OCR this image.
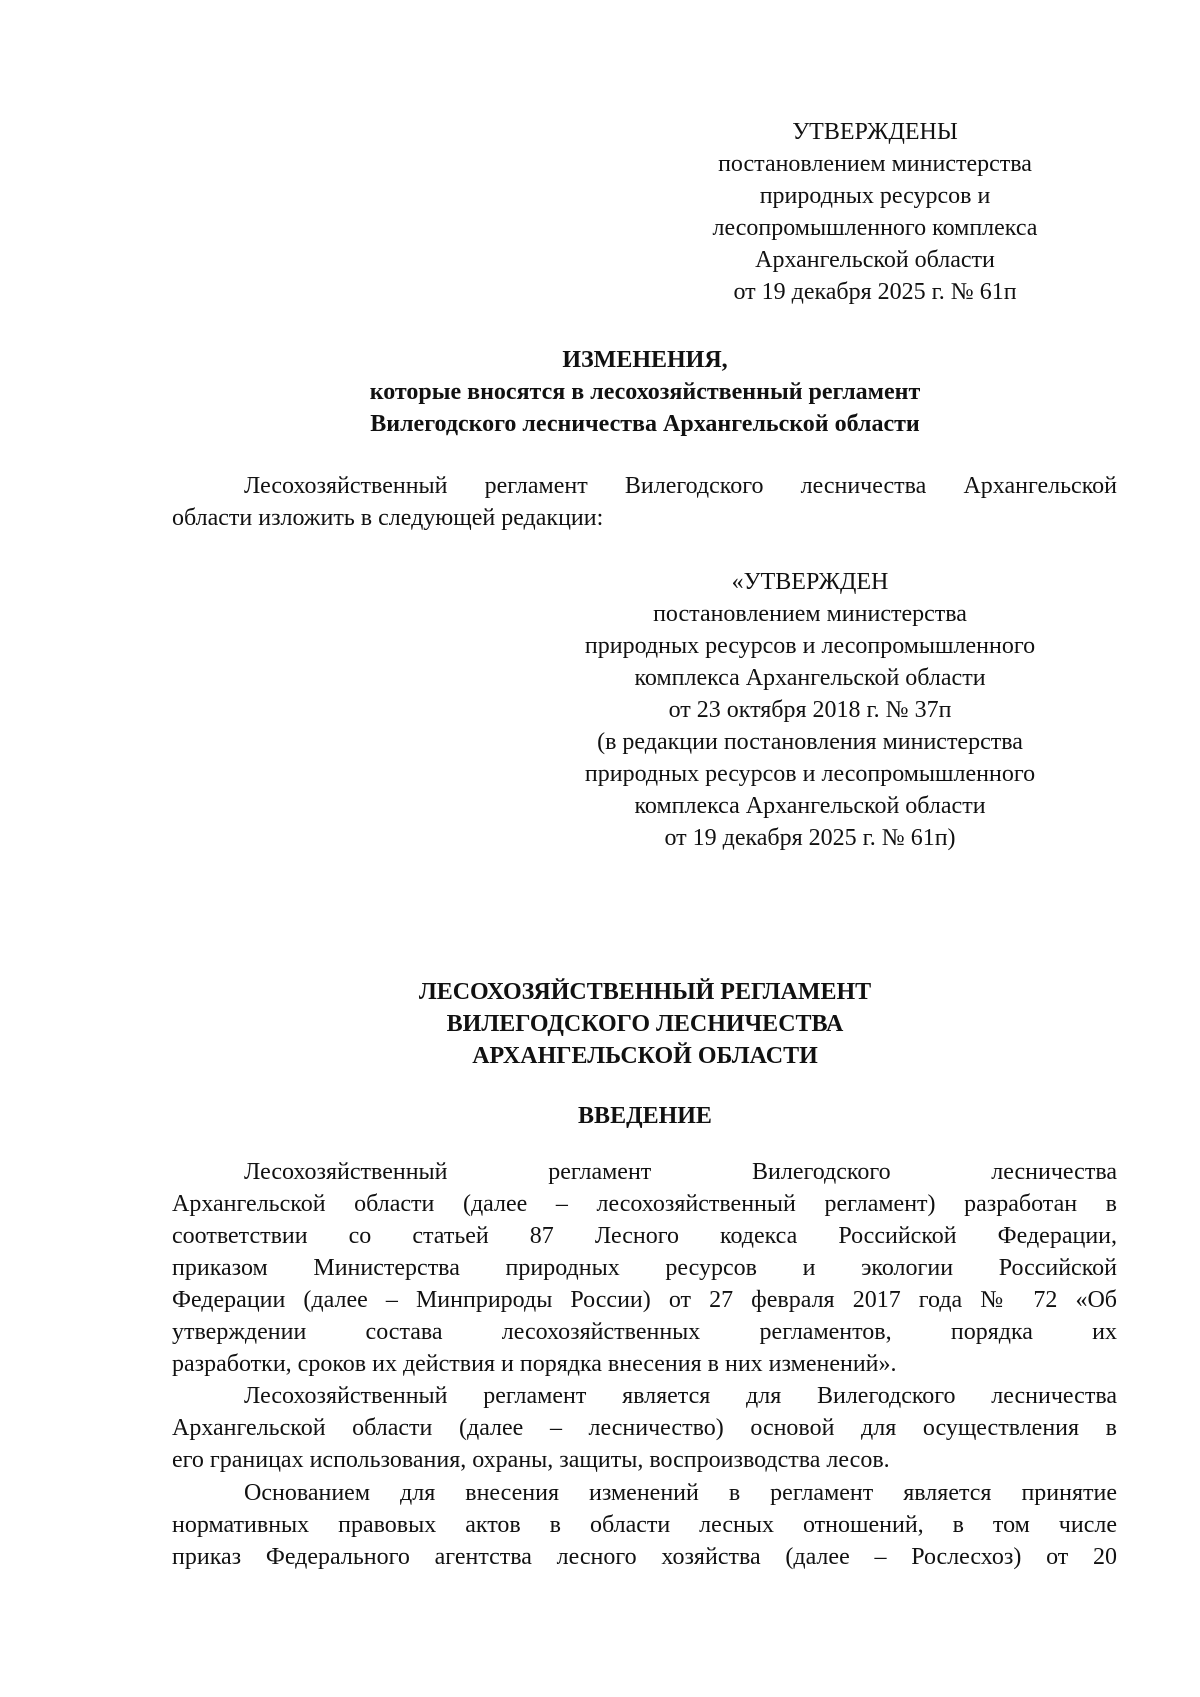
УТВЕРЖДЕНЫ
постановлением министерства
природных ресурсов и
лесопромышленного комплекса
Архангельской области
от 19 декабря 2025 г. № 61п
ИЗМЕНЕНИЯ,
которые вносятся в лесохозяйственный регламент
Вилегодского лесничества Архангельской области
Лесохозяйственный регламент Вилегодского лесничества Архангельской
области изложить в следующей редакции:
«УТВЕРЖДЕН
постановлением министерства
природных ресурсов и лесопромышленного
комплекса Архангельской области
от 23 октября 2018 г. № 37п
(в редакции постановления министерства
природных ресурсов и лесопромышленного
комплекса Архангельской области
от 19 декабря 2025 г. № 61п)
ЛЕСОХОЗЯЙСТВЕННЫЙ РЕГЛАМЕНТ
ВИЛЕГОДСКОГО ЛЕСНИЧЕСТВА
АРХАНГЕЛЬСКОЙ ОБЛАСТИ
ВВЕДЕНИЕ
Лесохозяйственный регламент Вилегодского лесничества
Архангельской области (далее – лесохозяйственный регламент) разработан в
соответствии со статьей 87 Лесного кодекса Российской Федерации,
приказом Министерства природных ресурсов и экологии Российской
Федерации (далее – Минприроды России) от 27 февраля 2017 года № 72 «Об
утверждении состава лесохозяйственных регламентов, порядка их
разработки, сроков их действия и порядка внесения в них изменений».
Лесохозяйственный регламент является для Вилегодского лесничества
Архангельской области (далее – лесничество) основой для осуществления в
его границах использования, охраны, защиты, воспроизводства лесов.
Основанием для внесения изменений в регламент является принятие
нормативных правовых актов в области лесных отношений, в том числе
приказ Федерального агентства лесного хозяйства (далее – Рослесхоз) от 20
